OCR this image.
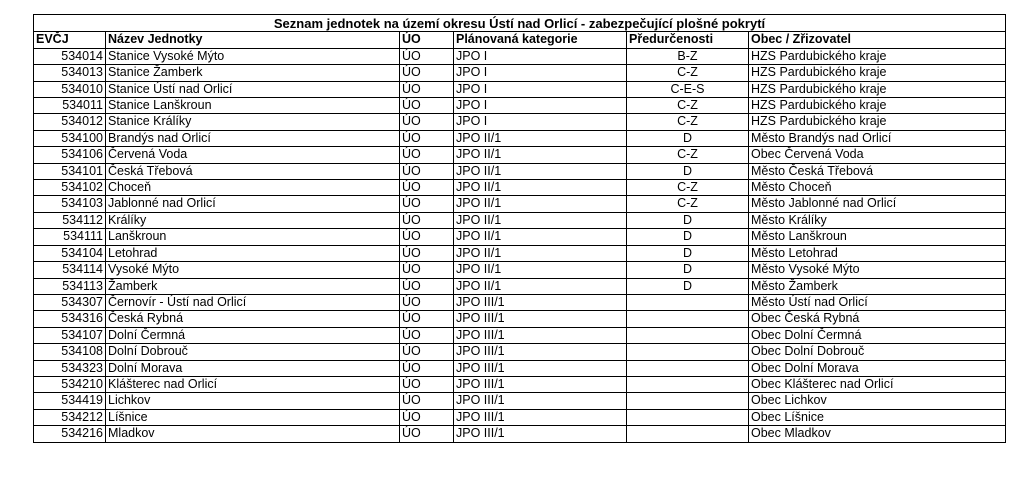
Seznam jednotek na území okresu Ústí nad Orlicí - zabezpečující plošné pokrytí					
EVČJ	Název Jednotky	ÚO	Plánovaná kategorie	Předurčenosti	Obec / Zřizovatel
534014	Stanice Vysoké Mýto	ÚO	JPO I	B-Z	HZS Pardubického kraje
534013	Stanice Žamberk	ÚO	JPO I	C-Z	HZS Pardubického kraje
534010	Stanice Ústí nad Orlicí	ÚO	JPO I	C-E-S	HZS Pardubického kraje
534011	Stanice Lanškroun	ÚO	JPO I	C-Z	HZS Pardubického kraje
534012	Stanice Králíky	ÚO	JPO I	C-Z	HZS Pardubického kraje
534100	Brandýs nad Orlicí	ÚO	JPO II/1	D	Město Brandýs nad Orlicí
534106	Červená Voda	ÚO	JPO II/1	C-Z	Obec Červená Voda
534101	Česká Třebová	ÚO	JPO II/1	D	Město Česká Třebová
534102	Choceň	ÚO	JPO II/1	C-Z	Město Choceň
534103	Jablonné nad Orlicí	ÚO	JPO II/1	C-Z	Město Jablonné nad Orlicí
534112	Králíky	ÚO	JPO II/1	D	Město Králíky
534111	Lanškroun	ÚO	JPO II/1	D	Město Lanškroun
534104	Letohrad	ÚO	JPO II/1	D	Město Letohrad
534114	Vysoké Mýto	ÚO	JPO II/1	D	Město Vysoké Mýto
534113	Žamberk	ÚO	JPO II/1	D	Město Žamberk
534307	Černovír - Ústí nad Orlicí	ÚO	JPO III/1		Město Ústí nad Orlicí
534316	Česká Rybná	ÚO	JPO III/1		Obec Česká Rybná
534107	Dolní Čermná	ÚO	JPO III/1		Obec Dolní Čermná
534108	Dolní Dobrouč	ÚO	JPO III/1		Obec Dolní Dobrouč
534323	Dolní Morava	ÚO	JPO III/1		Obec Dolní Morava
534210	Klášterec nad Orlicí	ÚO	JPO III/1		Obec Klášterec nad Orlicí
534419	Lichkov	ÚO	JPO III/1		Obec Lichkov
534212	Líšnice	ÚO	JPO III/1		Obec Líšnice
534216	Mladkov	ÚO	JPO III/1		Obec Mladkov
